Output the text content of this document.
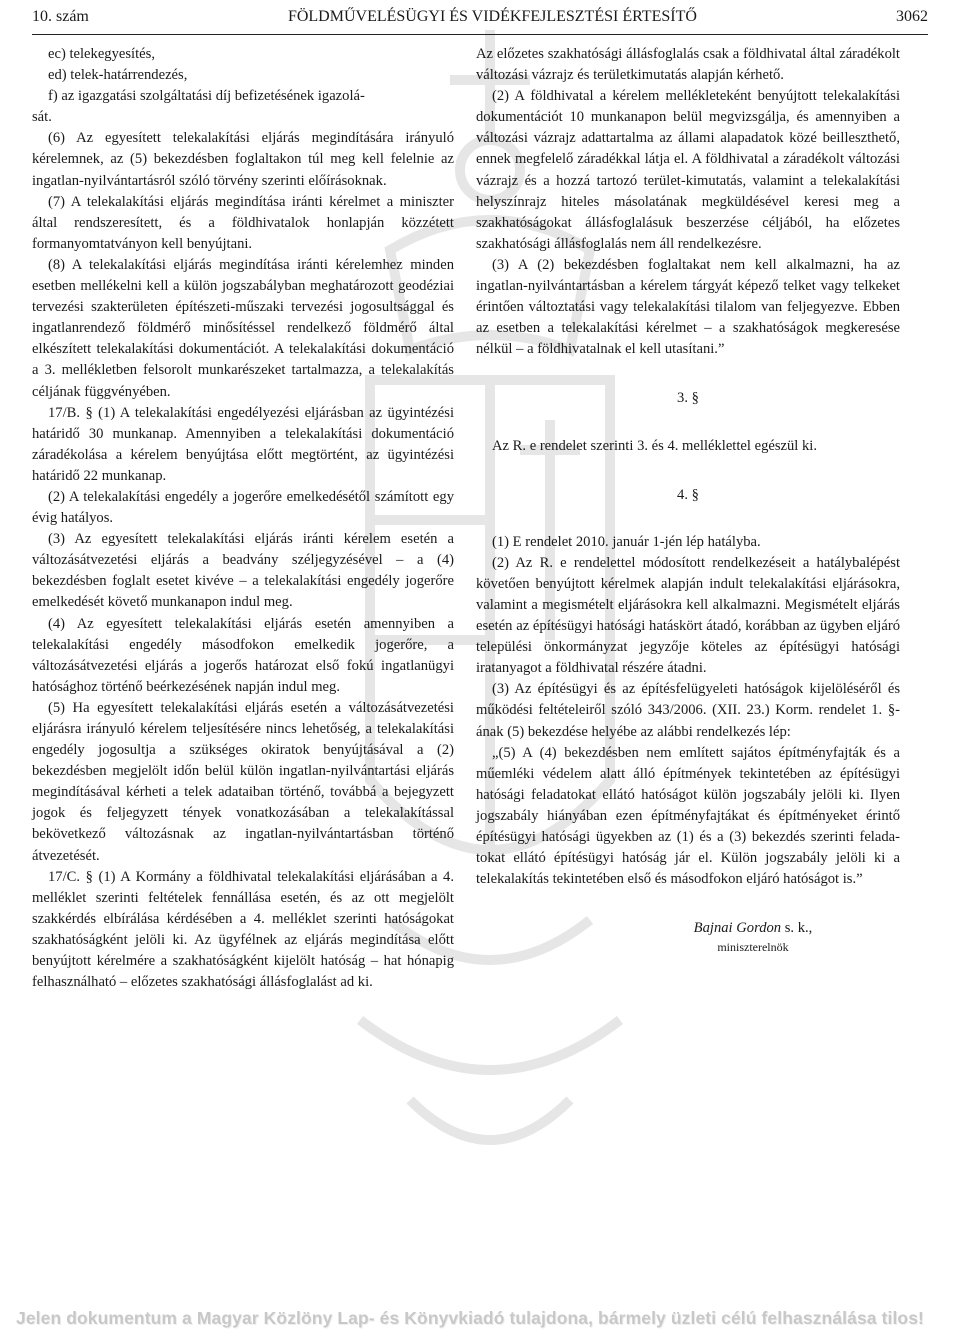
10. szám	FÖLDMŰVELÉSÜGYI ÉS VIDÉKFEJLESZTÉSI ÉRTESÍTŐ	3062

ec) telekegyesítés,

ed) telek-határrendezés,

f) az igazgatási szolgáltatási díj befizetésének igazolá-

sát.

(6) Az egyesített telekalakítási eljárás megindítására irányuló kérelemnek, az (5) bekezdésben foglaltakon túl meg kell felelnie az ingatlan-nyilvántartásról szóló törvény szerinti előírásoknak.

(7) A telekalakítási eljárás megindítása iránti kérelmet a miniszter által rendszeresített, és a földhivatalok honlapján közzétett formanyomtatványon kell benyújtani.

(8) A telekalakítási eljárás megindítása iránti kérelemhez minden esetben mellékelni kell a külön jogszabályban meghatározott geodéziai tervezési szakterületen építészeti-műszaki tervezési jogosultsággal és ingatlanrendező földmérő minősítéssel rendelkező földmérő által elkészített telekalakítási dokumentációt. A telekalakítási dokumentáció a 3. mellékletben felsorolt munkarészeket tartalmazza, a telekalakítás céljának függvényében.

17/B. § (1) A telekalakítási engedélyezési eljárásban az ügyintézési határidő 30 munkanap. Amennyiben a telekalakítási dokumentáció záradékolása a kérelem benyújtása előtt megtörtént, az ügyintézési határidő 22 munkanap.

(2) A telekalakítási engedély a jogerőre emelkedésétől számított egy évig hatályos.

(3) Az egyesített telekalakítási eljárás iránti kérelem esetén a változásátvezetési eljárás a beadvány széljegyzésével – a (4) bekezdésben foglalt esetet kivéve – a telekalakítási engedély jogerőre emelkedését követő munkanapon indul meg.

(4) Az egyesített telekalakítási eljárás esetén amennyiben a telekalakítási engedély másodfokon emelkedik jogerőre, a változásátvezetési eljárás a jogerős határozat első fokú ingatlanügyi hatósághoz történő beérkezésének napján indul meg.

(5) Ha egyesített telekalakítási eljárás esetén a változásátvezetési eljárásra irányuló kérelem teljesítésére nincs lehetőség, a telekalakítási engedély jogosultja a szükséges okiratok benyújtásával a (2) bekezdésben megjelölt időn belül külön ingatlan-nyilvántartási eljárás megindításával kérheti a telek adataiban történő, továbbá a bejegyzett jogok és feljegyzett tények vonatkozásában a telekalakítással bekövetkező változásnak az ingatlan-nyilvántartásban történő átvezetését.

17/C. § (1) A Kormány a földhivatal telekalakítási eljárásában a 4. melléklet szerinti feltételek fennállása esetén, és az ott megjelölt szakkérdés elbírálása kérdésében a 4. melléklet szerinti hatóságokat szakhatóságként jelöli ki. Az ügyfélnek az eljárás megindítása előtt benyújtott kérelmére a szakhatóságként kijelölt hatóság – hat hónapig felhasználható – előzetes szakhatósági állásfoglalást ad ki.

Az előzetes szakhatósági állásfoglalás csak a földhivatal által záradékolt változási vázrajz és területkimutatás alapján kérhető.

(2) A földhivatal a kérelem mellékleteként benyújtott telekalakítási dokumentációt 10 munkanapon belül megvizsgálja, és amennyiben a változási vázrajz adattartalma az állami alapadatok közé beilleszthető, ennek megfelelő záradékkal látja el. A földhivatal a záradékolt változási vázrajz és a hozzá tartozó terület-kimutatás, valamint a telekalakítási helyszínrajz hiteles másolatának megküldésével keresi meg a szakhatóságokat állásfoglalásuk beszerzése céljából, ha előzetes szakhatósági állásfoglalás nem áll rendelkezésre.

(3) A (2) bekezdésben foglaltakat nem kell alkalmazni, ha az ingatlan-nyilvántartásban a kérelem tárgyát képező telket vagy telkeket érintően változtatási vagy telekalakítási tilalom van feljegyezve. Ebben az esetben a telekalakítási kérelmet – a szakhatóságok megkeresése nélkül – a földhivatalnak el kell utasítani.”

3. §

Az R. e rendelet szerinti 3. és 4. melléklettel egészül ki.

4. §

(1) E rendelet 2010. január 1-jén lép hatályba.

(2) Az R. e rendelettel módosított rendelkezéseit a hatálybalépést követően benyújtott kérelmek alapján indult telekalakítási eljárásokra, valamint a megismételt eljárásokra kell alkalmazni. Megismételt eljárás esetén az építésügyi hatósági hatáskört átadó, korábban az ügyben eljáró települési önkormányzat jegyzője köteles az építésügyi hatósági iratanyagot a földhivatal részére átadni.

(3) Az építésügyi és az építésfelügyeleti hatóságok kijelöléséről és működési feltételeiről szóló 343/2006. (XII. 23.) Korm. rendelet 1. §-ának (5) bekezdése helyébe az alábbi rendelkezés lép:

„(5) A (4) bekezdésben nem említett sajátos építményfajták és a műemléki védelem alatt álló építmények tekintetében az építésügyi hatósági feladatokat ellátó hatóságot külön jogszabály jelöli ki. Ilyen jogszabály hiányában ezen építményfajtákat és építményeket érintő építésügyi hatósági ügyekben az (1) és a (3) bekezdés szerinti feladatokat ellátó építésügyi hatóság jár el. Külön jogszabály jelöli ki a telekalakítás tekintetében első és másodfokon eljáró hatóságot is.”

Bajnai Gordon s. k.,

miniszterelnök

Jelen dokumentum a Magyar Közlöny Lap- és Könyvkiadó tulajdona, bármely üzleti célú felhasználása tilos!
